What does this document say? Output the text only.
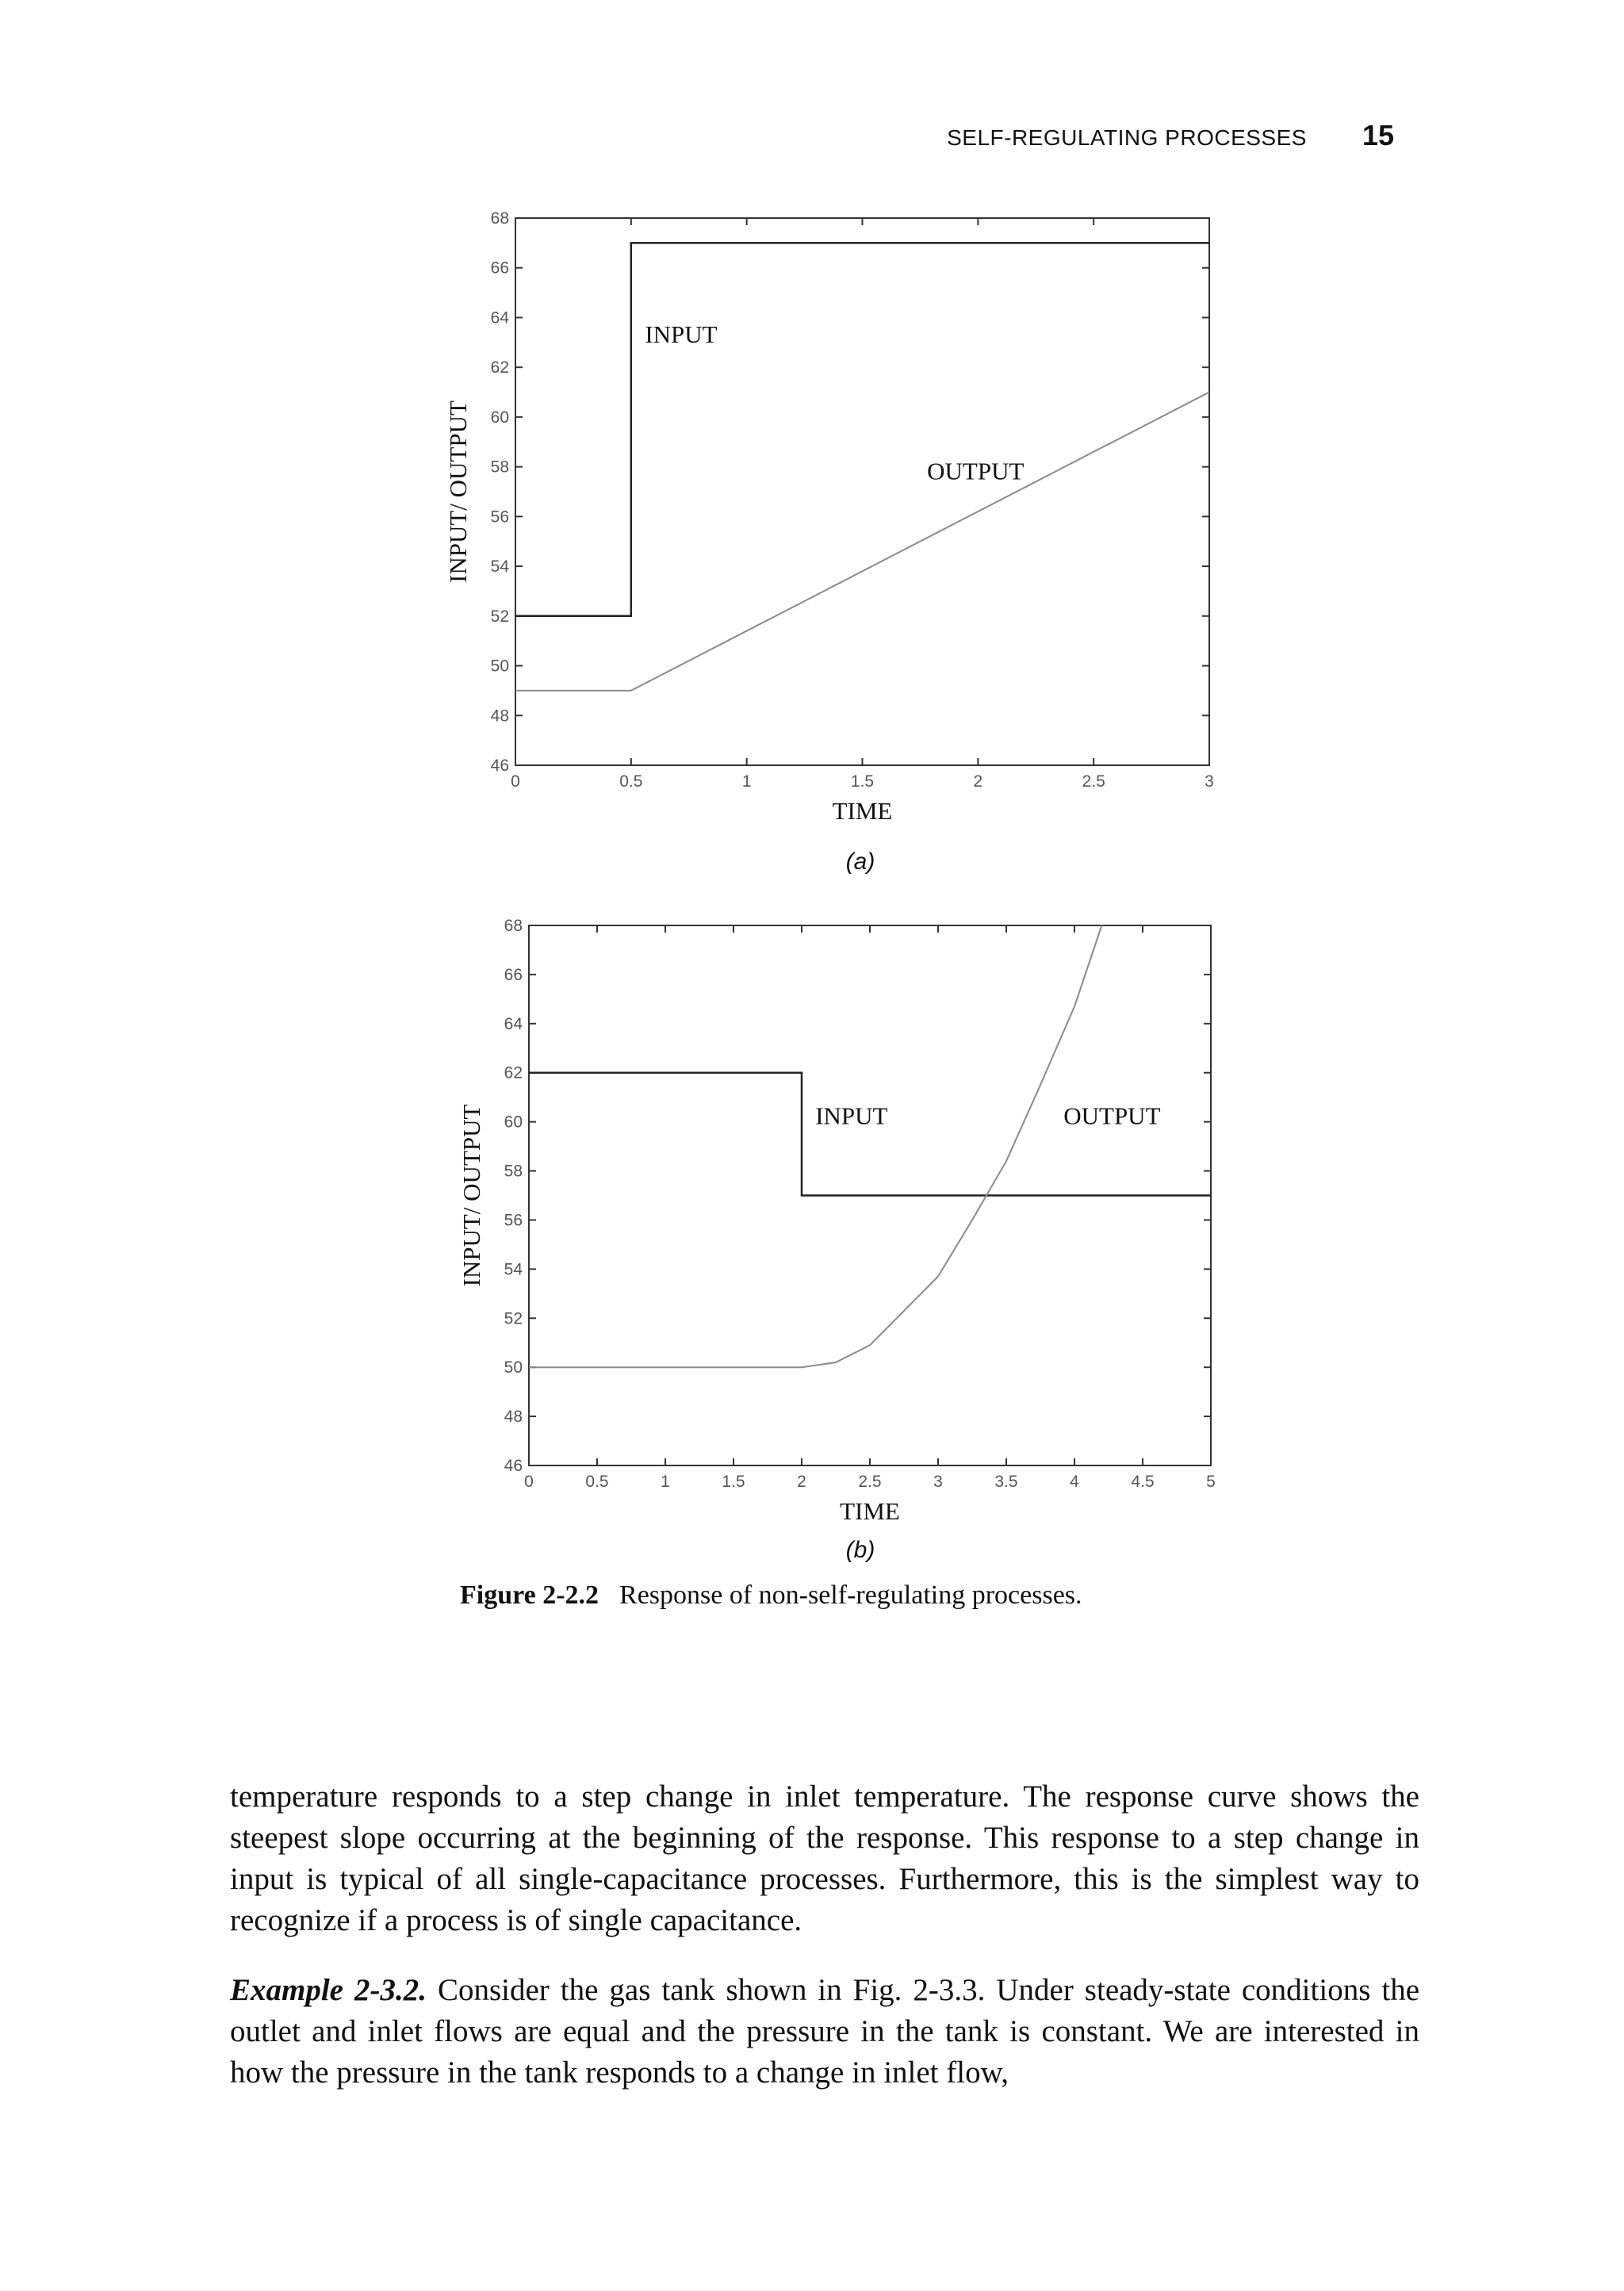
SELF-REGULATING PROCESSES 15
0	0.5	1	1.5	2	2.5	3
46
48
50
52
54
56
58
60
62
64
66
68
INPUT
OUTPUT
TIME
INPUT/ OUTPUT
(a)
0	0.5	1	1.5	2	2.5	3	3.5	4	4.5	5
46
48
50
52
54
56
58
60
62
64
66
68
INPUT	OUTPUT
TIME
INPUT/ OUTPUT
(b)
Figure 2-2.2 Response of non-self-regulating processes.

temperature responds to a step change in inlet temperature. The response curve shows the steepest slope occurring at the beginning of the response. This response to a step change in input is typical of all single-capacitance processes. Furthermore, this is the simplest way to recognize if a process is of single capacitance.

Example 2-3.2. Consider the gas tank shown in Fig. 2-3.3. Under steady-state conditions the outlet and inlet flows are equal and the pressure in the tank is constant. We are interested in how the pressure in the tank responds to a change in inlet flow,
